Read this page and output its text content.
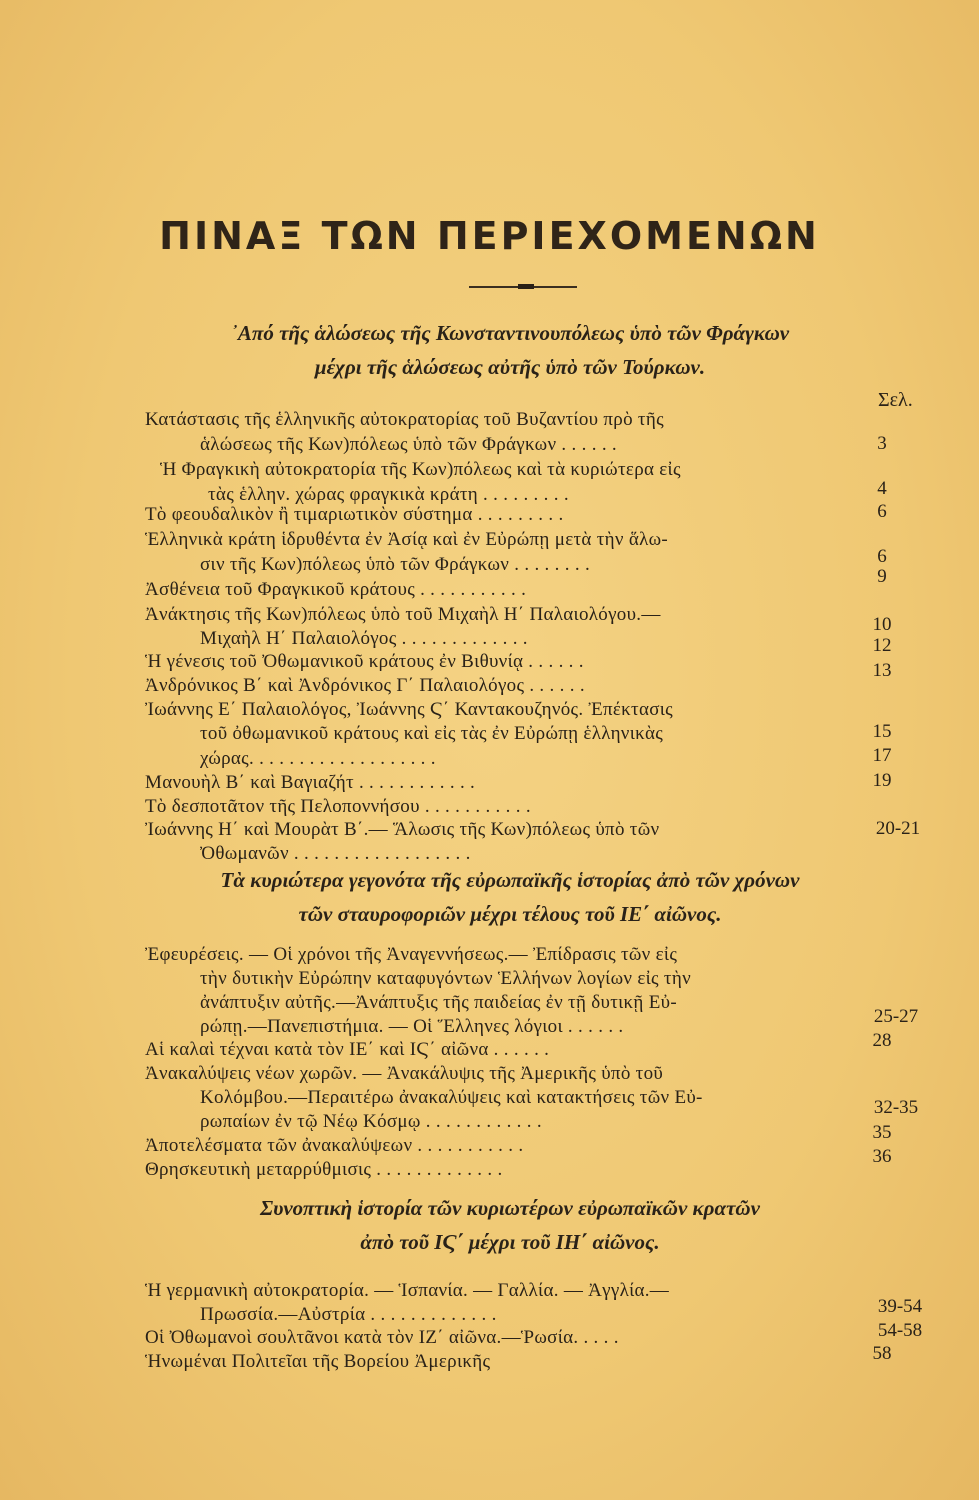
ΠΙΝΑΞ ΤΩΝ ΠΕΡΙΕΧΟΜΕΝΩΝ
᾽Από τῆς ἁλώσεως τῆς Κωνσταντινουπόλεως ὑπὸ τῶν Φράγκων
μέχρι τῆς ἁλώσεως αὐτῆς ὑπὸ τῶν Τούρκων.
Σελ.
Κατάστασις τῆς ἑλληνικῆς αὐτοκρατορίας τοῦ Βυζαντίου πρὸ τῆς
ἁλώσεως τῆς Κων)πόλεως ὑπὸ τῶν Φράγκων . . . . . .
Ἡ Φραγκικὴ αὐτοκρατορία τῆς Κων)πόλεως καὶ τὰ κυριώτερα εἰς
τὰς ἑλλην. χώρας φραγκικὰ κράτη . . . . . . . . .
Τὸ φεουδαλικὸν ἢ τιμαριωτικὸν σύστημα . . . . . . . . .
Ἑλληνικὰ κράτη ἱδρυθέντα ἐν Ἀσίᾳ καὶ ἐν Εὐρώπῃ μετὰ τὴν ἅλω-
σιν τῆς Κων)πόλεως ὑπὸ τῶν Φράγκων . . . . . . . .
Ἀσθένεια τοῦ Φραγκικοῦ κράτους . . . . . . . . . . .
Ἀνάκτησις τῆς Κων)πόλεως ὑπὸ τοῦ Μιχαὴλ Η΄ Παλαιολόγου.—
Μιχαὴλ Η΄ Παλαιολόγος . . . . . . . . . . . . .
Ἡ γένεσις τοῦ Ὀθωμανικοῦ κράτους ἐν Βιθυνίᾳ . . . . . .
Ἀνδρόνικος Β΄ καὶ Ἀνδρόνικος Γ΄ Παλαιολόγος . . . . . .
Ἰωάννης Ε΄ Παλαιολόγος, Ἰωάννης Ϛ΄ Καντακουζηνός. Ἐπέκτασις
τοῦ ὀθωμανικοῦ κράτους καὶ εἰς τὰς ἐν Εὐρώπῃ ἑλληνικὰς
χώρας. . . . . . . . . . . . . . . . . . .
Μανουὴλ Β΄ καὶ Βαγιαζήτ . . . . . . . . . . . .
Τὸ δεσποτᾶτον τῆς Πελοποννήσου . . . . . . . . . . .
Ἰωάννης Η΄ καὶ Μουρὰτ Β΄.— Ἅλωσις τῆς Κων)πόλεως ὑπὸ τῶν
Ὀθωμανῶν . . . . . . . . . . . . . . . . . .
3
4
6
6
9
10
12
13
15
17
19
20-21
Τὰ κυριώτερα γεγονότα τῆς εὐρωπαϊκῆς ἱστορίας ἀπὸ τῶν χρόνων
τῶν σταυροφοριῶν μέχρι τέλους τοῦ ΙΕ΄ αἰῶνος.
Ἐφευρέσεις. — Οἱ χρόνοι τῆς Ἀναγεννήσεως.— Ἐπίδρασις τῶν εἰς
τὴν δυτικὴν Εὐρώπην καταφυγόντων Ἑλλήνων λογίων εἰς τὴν
ἀνάπτυξιν αὐτῆς.—Ἀνάπτυξις τῆς παιδείας ἐν τῇ δυτικῇ Εὐ-
ρώπῃ.—Πανεπιστήμια. — Οἱ Ἕλληνες λόγιοι . . . . . .
Αἱ καλαὶ τέχναι κατὰ τὸν ΙΕ΄ καὶ ΙϚ΄ αἰῶνα . . . . . .
Ἀνακαλύψεις νέων χωρῶν. — Ἀνακάλυψις τῆς Ἀμερικῆς ὑπὸ τοῦ
Κολόμβου.—Περαιτέρω ἀνακαλύψεις καὶ κατακτήσεις τῶν Εὐ-
ρωπαίων ἐν τῷ Νέῳ Κόσμῳ . . . . . . . . . . . .
Ἀποτελέσματα τῶν ἀνακαλύψεων . . . . . . . . . . .
Θρησκευτικὴ μεταρρύθμισις . . . . . . . . . . . . .
25-27
28
32-35
35
36
Συνοπτικὴ ἱστορία τῶν κυριωτέρων εὐρωπαϊκῶν κρατῶν
ἀπὸ τοῦ ΙϚ΄ μέχρι τοῦ ΙΗ΄ αἰῶνος.
Ἡ γερμανικὴ αὐτοκρατορία. — Ἱσπανία. — Γαλλία. — Ἀγγλία.—
Πρωσσία.—Αὐστρία . . . . . . . . . . . . .
Οἱ Ὀθωμανοὶ σουλτᾶνοι κατὰ τὸν ΙΖ΄ αἰῶνα.—Ῥωσία. . . . .
Ἡνωμέναι Πολιτεῖαι τῆς Βορείου Ἀμερικῆς
39-54
54-58
58
